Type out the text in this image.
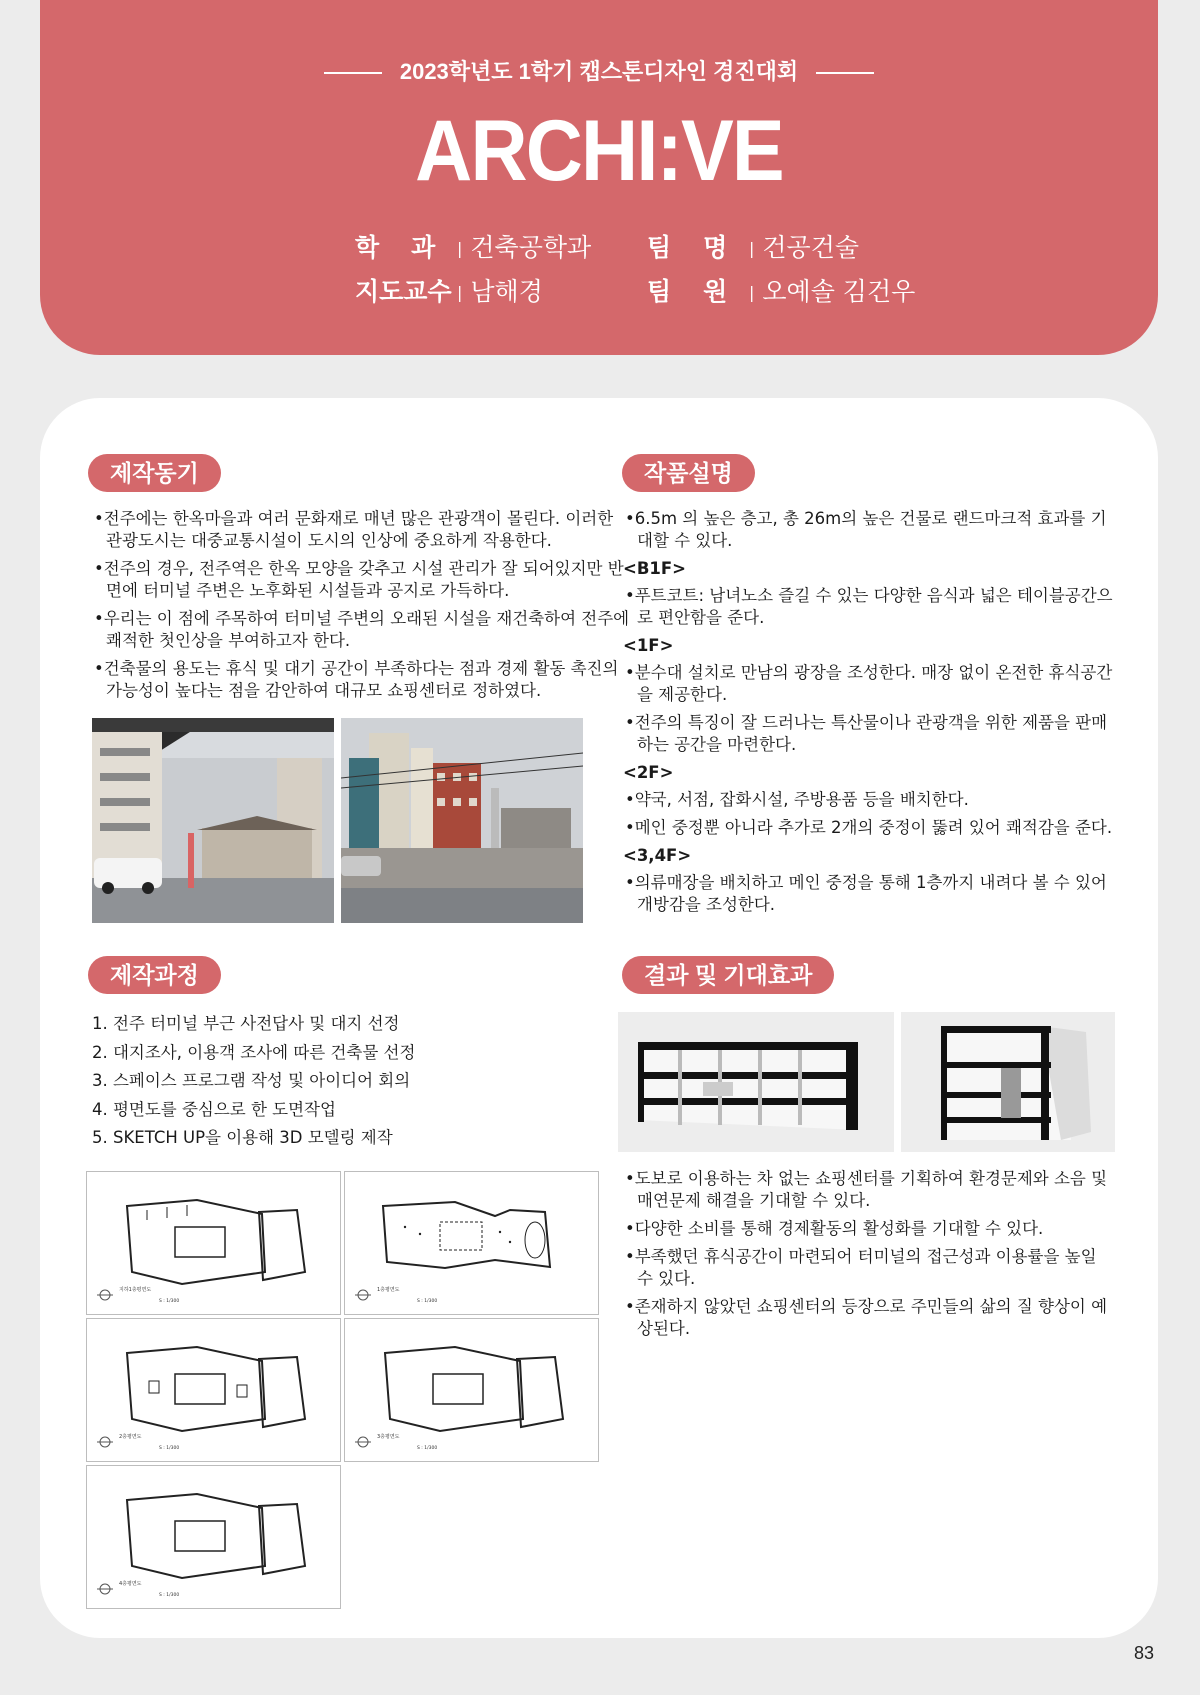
2023학년도 1학기 캡스톤디자인 경진대회
ARCHI:VE
학　 과 | 건축공학과
지도교수 | 남해경
팀　 명 | 건공건술
팀　 원 | 오예솔 김건우
제작동기

•전주에는 한옥마을과 여러 문화재로 매년 많은 관광객이 몰린다. 이러한 관광도시는 대중교통시설이 도시의 인상에 중요하게 작용한다.

•전주의 경우, 전주역은 한옥 모양을 갖추고 시설 관리가 잘 되어있지만 반면에 터미널 주변은 노후화된 시설들과 공지로 가득하다.

•우리는 이 점에 주목하여 터미널 주변의 오래된 시설을 재건축하여 전주에 쾌적한 첫인상을 부여하고자 한다.

•건축물의 용도는 휴식 및 대기 공간이 부족하다는 점과 경제 활동 촉진의 가능성이 높다는 점을 감안하여 대규모 쇼핑센터로 정하였다.

작품설명

•6.5m 의 높은 층고, 총 26m의 높은 건물로 랜드마크적 효과를 기대할 수 있다.

<B1F>

•푸트코트: 남녀노소 즐길 수 있는 다양한 음식과 넓은 테이블공간으로 편안함을 준다.

<1F>

•분수대 설치로 만남의 광장을 조성한다. 매장 없이 온전한 휴식공간을 제공한다.

•전주의 특징이 잘 드러나는 특산물이나 관광객을 위한 제품을 판매하는 공간을 마련한다.

<2F>

•약국, 서점, 잡화시설, 주방용품 등을 배치한다.

•메인 중정뿐 아니라 추가로 2개의 중정이 뚫려 있어 쾌적감을 준다.

<3,4F>

•의류매장을 배치하고 메인 중정을 통해 1층까지 내려다 볼 수 있어 개방감을 조성한다.

제작과정
1. 전주 터미널 부근 사전답사 및 대지 선정
2. 대지조사, 이용객 조사에 따른 건축물 선정
3. 스페이스 프로그램 작성 및 아이디어 회의
4. 평면도를 중심으로 한 도면작업
5. SKETCH UP을 이용해 3D 모델링 제작
지하1층평면도
S : 1/300
1층평면도
S : 1/300
2층평면도
S : 1/300
3층평면도
S : 1/300
4층평면도
S : 1/300
결과 및 기대효과

•도보로 이용하는 차 없는 쇼핑센터를 기획하여 환경문제와 소음 및 매연문제 해결을 기대할 수 있다.

•다양한 소비를 통해 경제활동의 활성화를 기대할 수 있다.

•부족했던 휴식공간이 마련되어 터미널의 접근성과 이용률을 높일 수 있다.

•존재하지 않았던 쇼핑센터의 등장으로 주민들의 삶의 질 향상이 예상된다.

83
